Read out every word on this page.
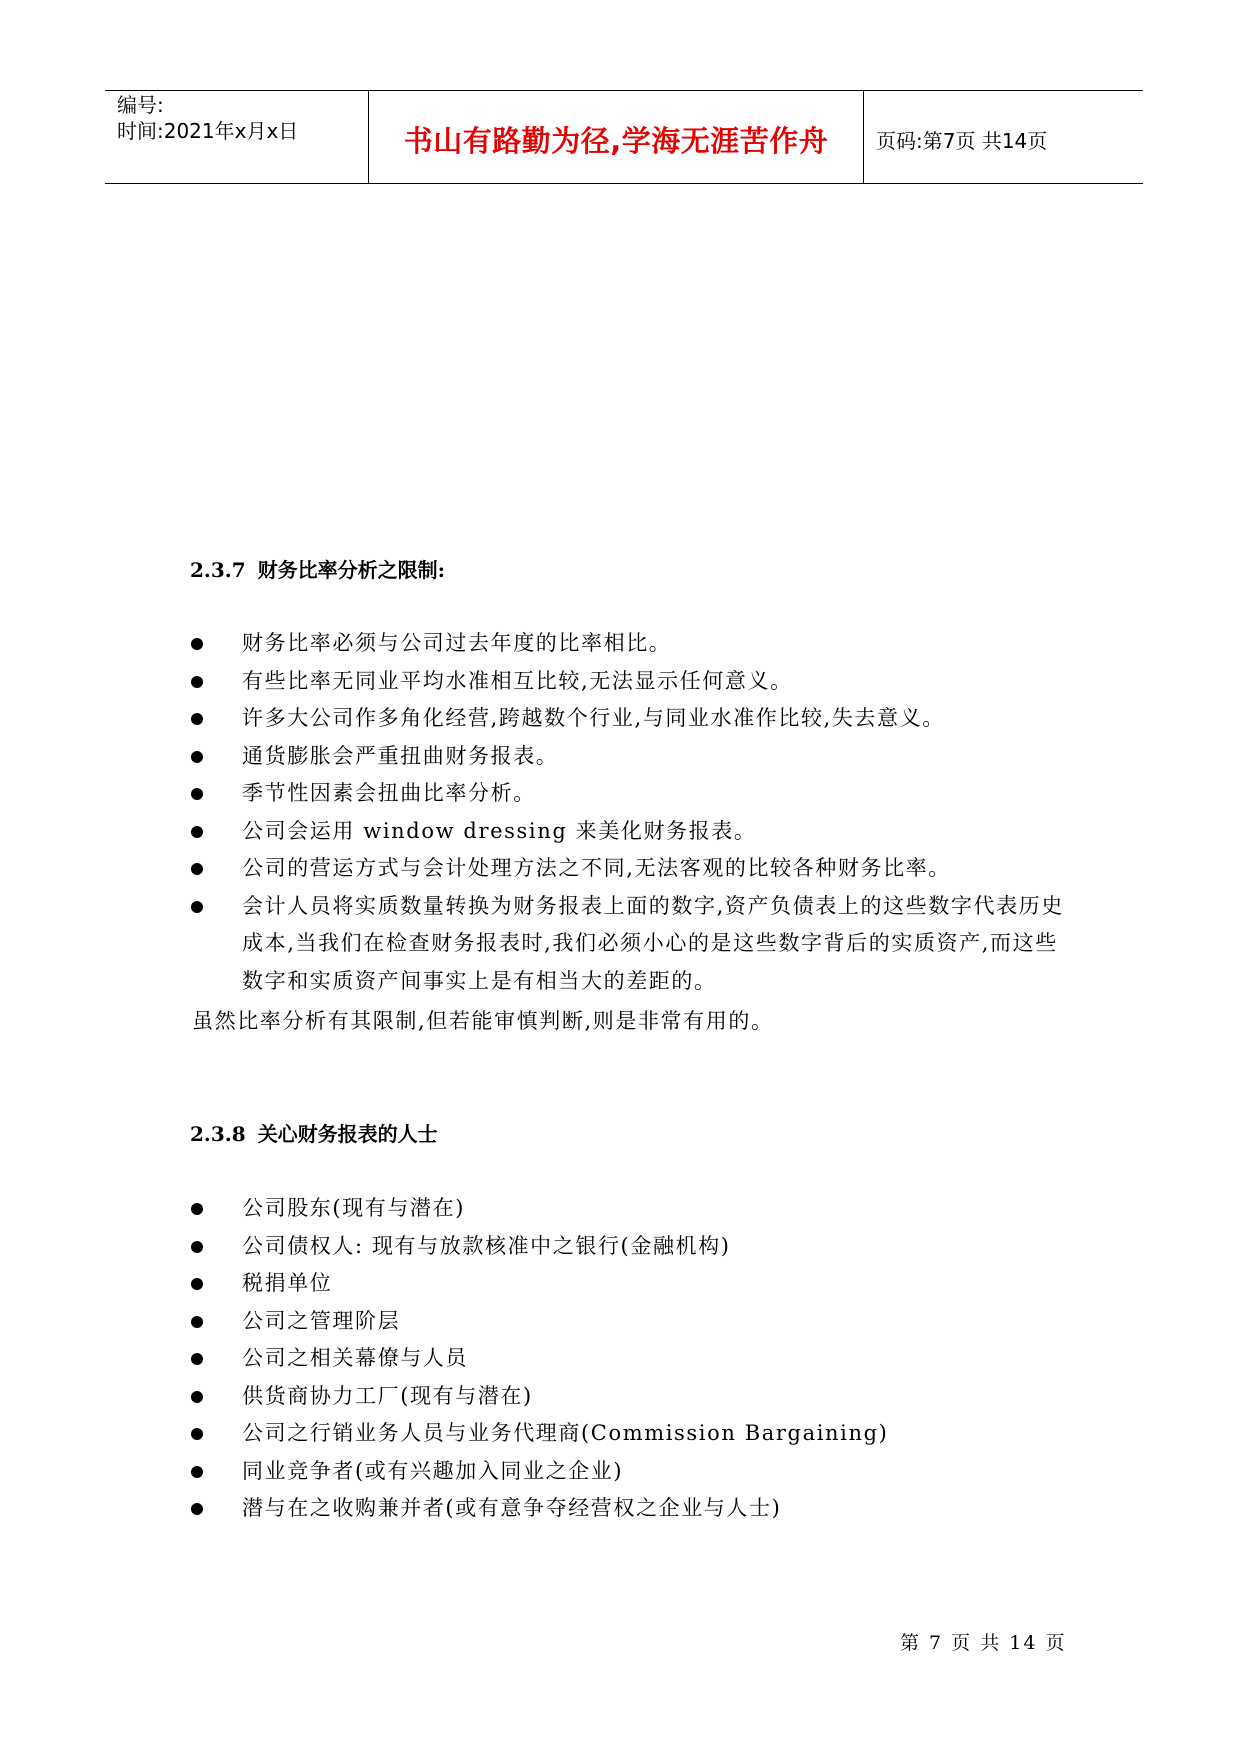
编号:
时间:2021年x月x日	书山有路勤为径,学海无涯苦作舟 页码:第7页 共14页
2.3.7 财务比率分析之限制:
财务比率必须与公司过去年度的比率相比。
有些比率无同业平均水准相互比较,无法显示任何意义。
许多大公司作多角化经营,跨越数个行业,与同业水准作比较,失去意义。
通货膨胀会严重扭曲财务报表。
季节性因素会扭曲比率分析。
公司会运用 window dressing 来美化财务报表。
公司的营运方式与会计处理方法之不同,无法客观的比较各种财务比率。
会计人员将实质数量转换为财务报表上面的数字,资产负债表上的这些数字代表历史成本,当我们在检查财务报表时,我们必须小心的是这些数字背后的实质资产,而这些数字和实质资产间事实上是有相当大的差距的。
虽然比率分析有其限制,但若能审慎判断,则是非常有用的。
2.3.8 关心财务报表的人士
公司股东(现有与潜在)
公司债权人: 现有与放款核准中之银行(金融机构)
税捐单位
公司之管理阶层
公司之相关幕僚与人员
供货商协力工厂(现有与潜在)
公司之行销业务人员与业务代理商(Commission Bargaining)
同业竞争者(或有兴趣加入同业之企业)
潜与在之收购兼并者(或有意争夺经营权之企业与人士)
第 7 页 共 14 页
